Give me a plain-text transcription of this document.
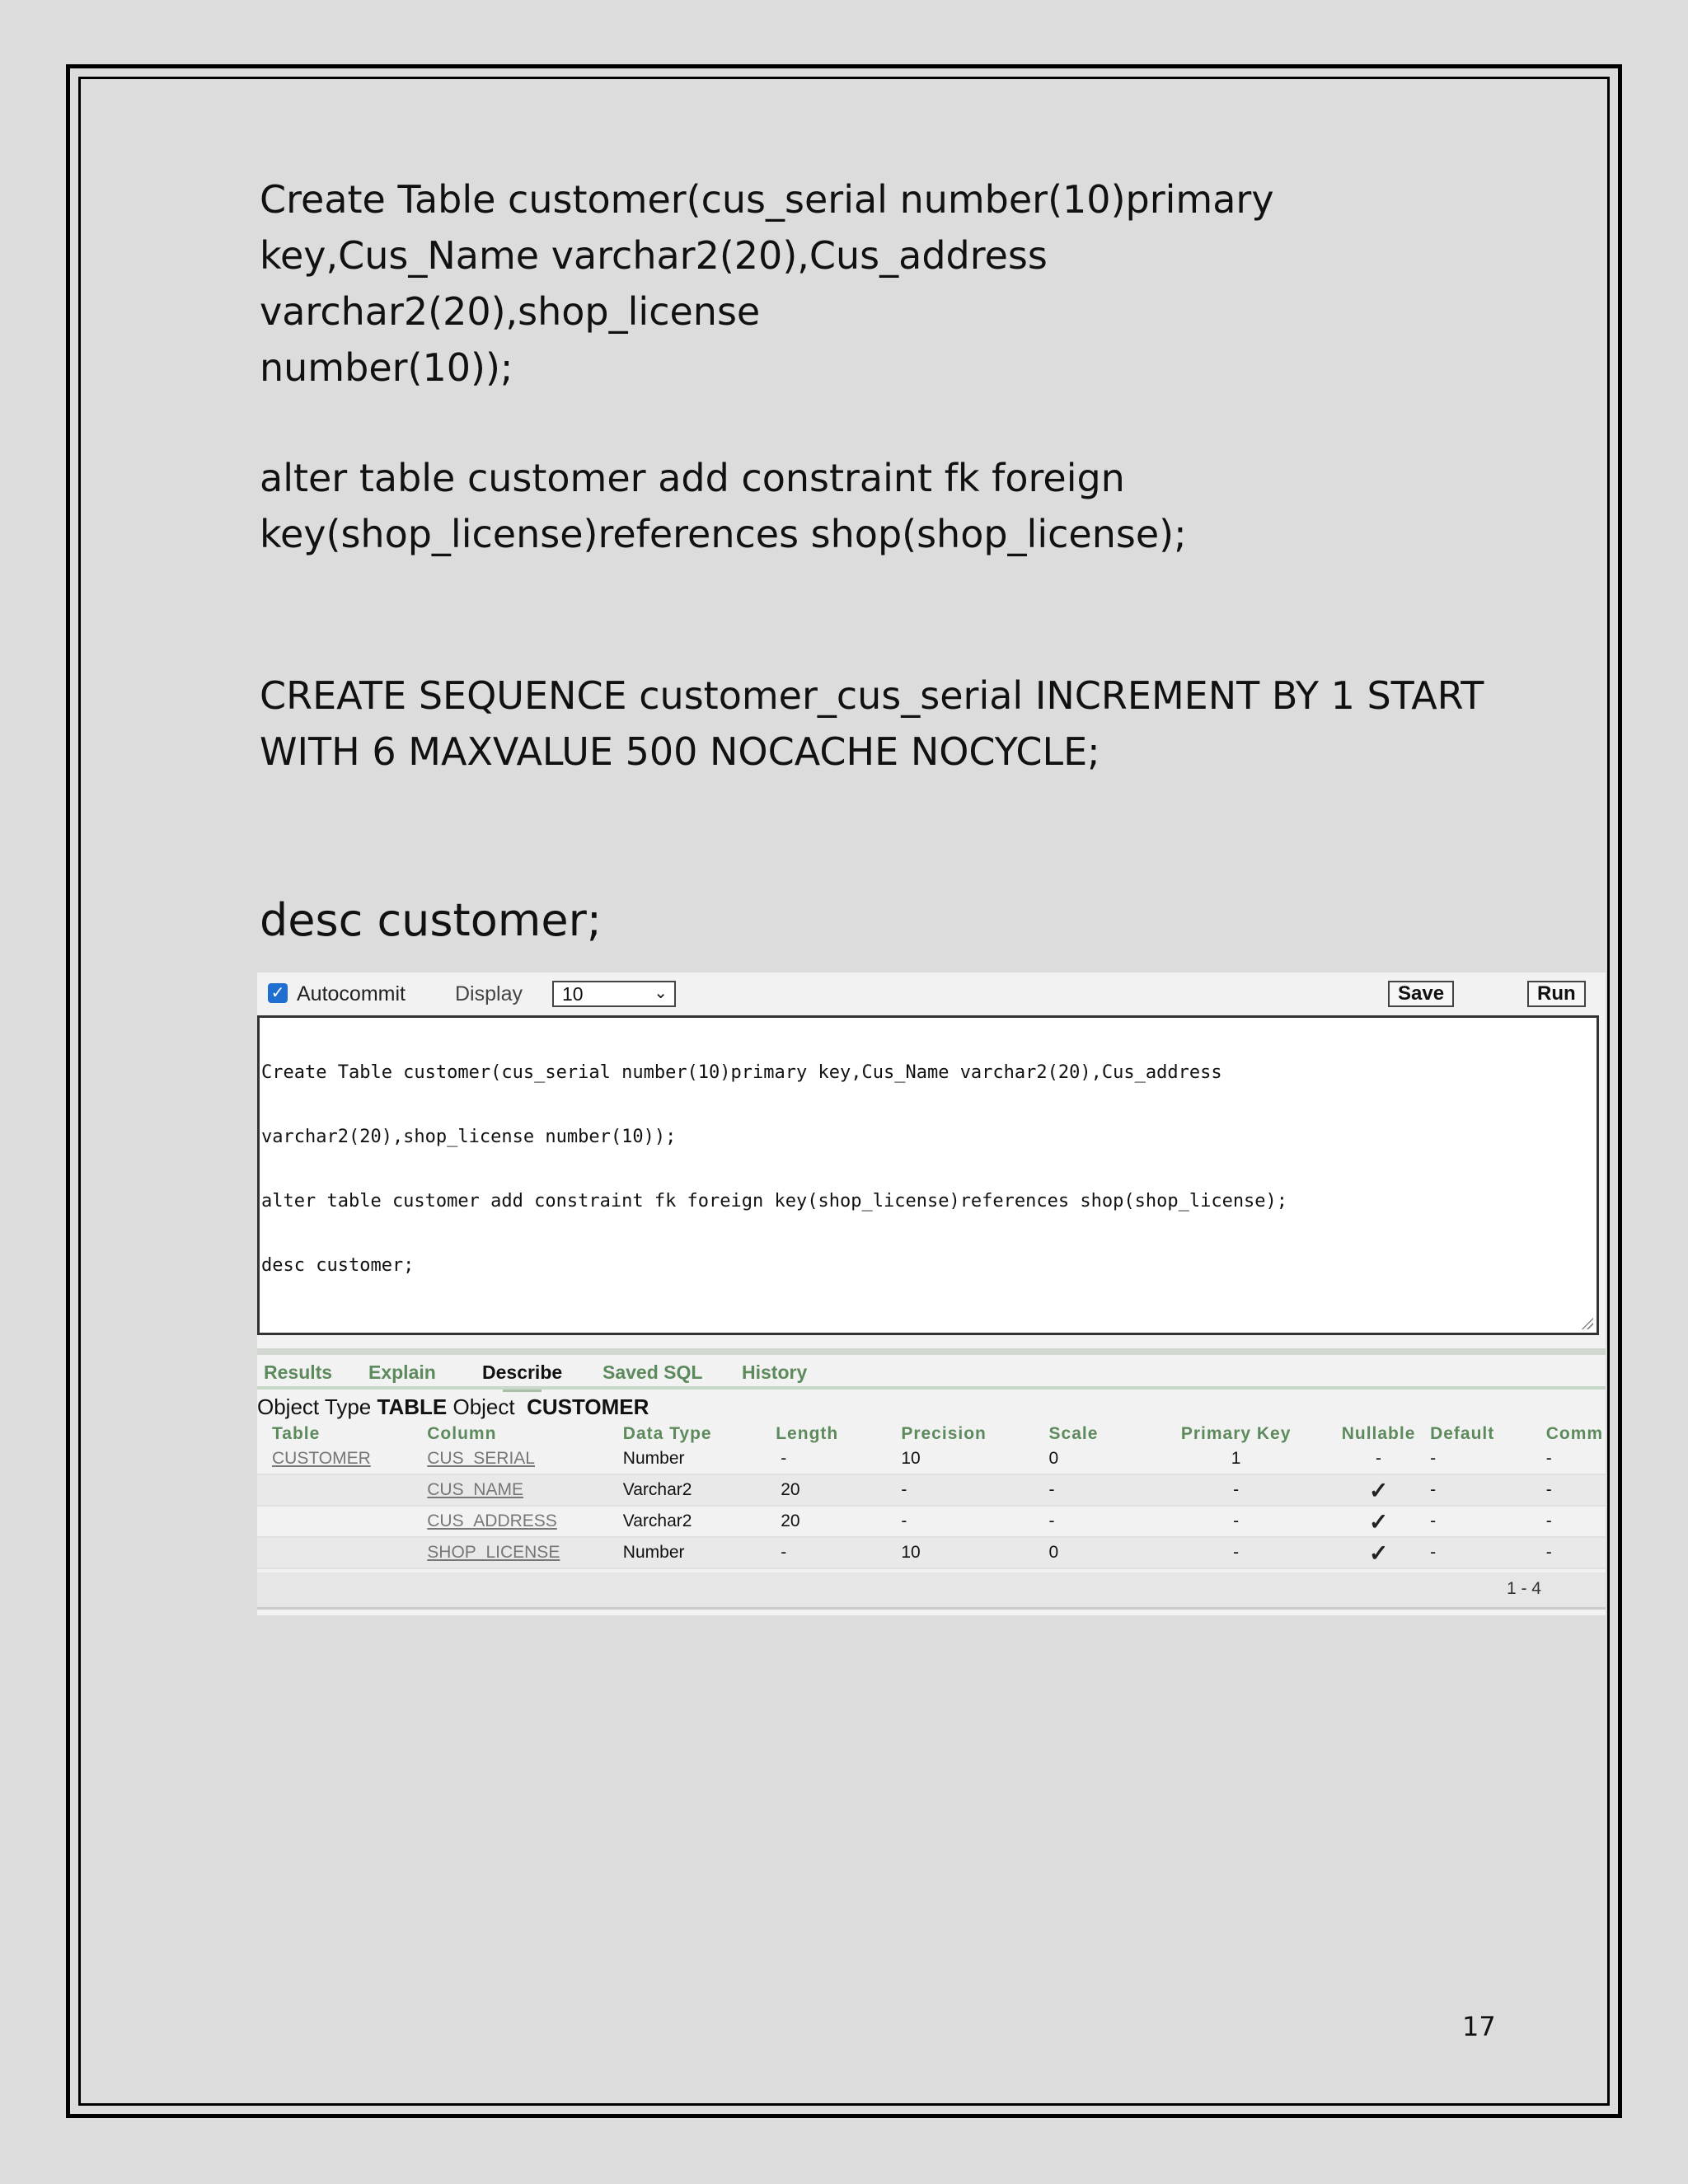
Create Table customer(cus_serial number(10)primary
key,Cus_Name varchar2(20),Cus_address varchar2(20),shop_license
number(10));
alter table customer add constraint fk foreign
key(shop_license)references shop(shop_license);
CREATE SEQUENCE customer_cus_serial INCREMENT BY 1 START
WITH 6 MAXVALUE 500 NOCACHE NOCYCLE;
desc customer;
✓ Autocommit Display	10	⌄	Save	Run

Create Table customer(cus_serial number(10)primary key,Cus_Name varchar2(20),Cus_address

varchar2(20),shop_license number(10));

alter table customer add constraint fk foreign key(shop_license)references shop(shop_license);

desc customer;

Results Explain Describe Saved SQL History
Object Type TABLE Object CUSTOMER
Table	Column	Data Type	Length	Precision	Scale	Primary Key	Nullable	Default	Comm
CUSTOMER	CUS_SERIAL	Number	-	10	0	1	-	-	-
	CUS_NAME	Varchar2	20	-	-	-	✓	-	-
	CUS_ADDRESS	Varchar2	20	-	-	-	✓	-	-
	SHOP_LICENSE	Number	-	10	0	-	✓	-	-
1 - 4
17
